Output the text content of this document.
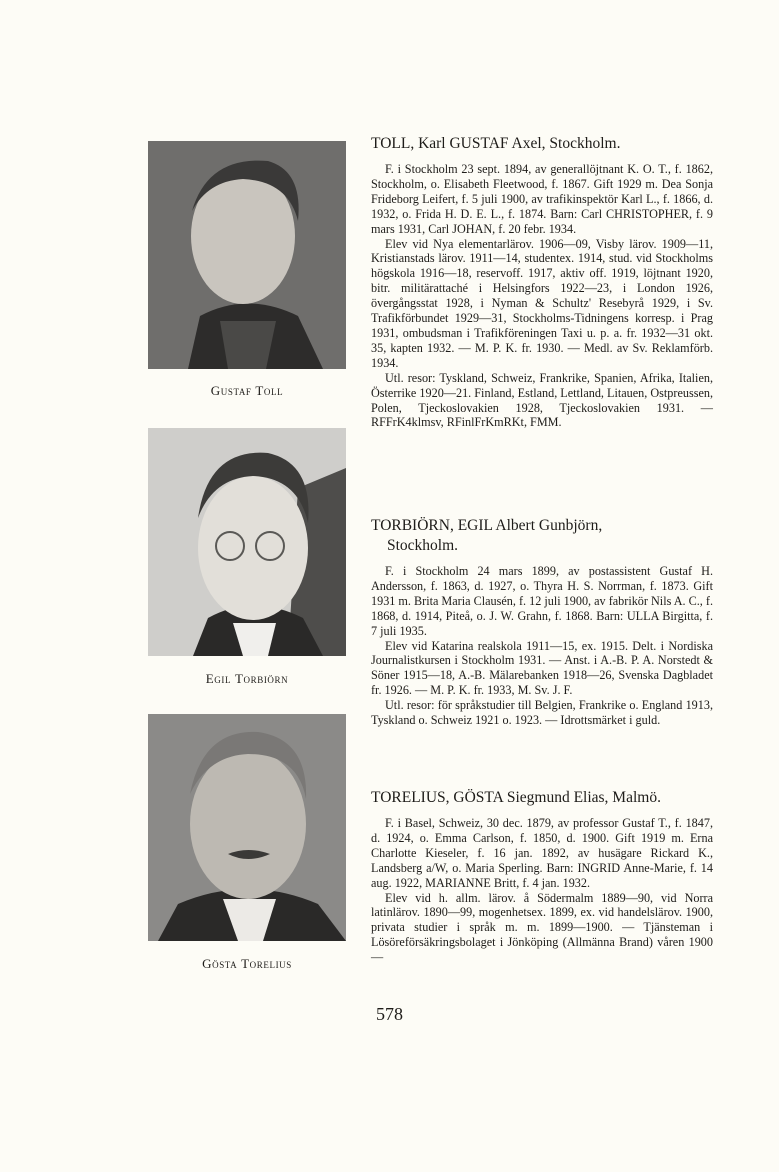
Gustaf Toll
Egil Torbiörn
Gösta Torelius
TOLL, Karl GUSTAF Axel, Stockholm.

F. i Stockholm 23 sept. 1894, av generallöjtnant K. O. T., f. 1862, Stockholm, o. Elisabeth Fleetwood, f. 1867. Gift 1929 m. Dea Sonja Frideborg Leifert, f. 5 juli 1900, av trafikinspektör Karl L., f. 1866, d. 1932, o. Frida H. D. E. L., f. 1874. Barn: Carl CHRISTOPHER, f. 9 mars 1931, Carl JOHAN, f. 20 febr. 1934.

Elev vid Nya elementarlärov. 1906—09, Visby lärov. 1909—11, Kristianstads lärov. 1911—14, studentex. 1914, stud. vid Stockholms högskola 1916—18, reservoff. 1917, aktiv off. 1919, löjtnant 1920, bitr. militärattaché i Helsingfors 1922—23, i London 1926, övergångsstat 1928, i Nyman & Schultz' Resebyrå 1929, i Sv. Trafikförbundet 1929—31, Stockholms-Tidningens korresp. i Prag 1931, ombudsman i Trafikföreningen Taxi u. p. a. fr. 1932—31 okt. 35, kapten 1932. — M. P. K. fr. 1930. — Medl. av Sv. Reklamförb. 1934.

Utl. resor: Tyskland, Schweiz, Frankrike, Spanien, Afrika, Italien, Österrike 1920—21. Finland, Estland, Lettland, Litauen, Ostpreussen, Polen, Tjeckoslovakien 1928, Tjeckoslovakien 1931. — RFFrK4klmsv, RFinlFrKmRKt, FMM.

TORBIÖRN, EGIL Albert Gunbjörn,
Stockholm.

F. i Stockholm 24 mars 1899, av postassistent Gustaf H. Andersson, f. 1863, d. 1927, o. Thyra H. S. Norrman, f. 1873. Gift 1931 m. Brita Maria Clausén, f. 12 juli 1900, av fabrikör Nils A. C., f. 1868, d. 1914, Piteå, o. J. W. Grahn, f. 1868. Barn: ULLA Birgitta, f. 7 juli 1935.

Elev vid Katarina realskola 1911—15, ex. 1915. Delt. i Nordiska Journalistkursen i Stockholm 1931. — Anst. i A.-B. P. A. Norstedt & Söner 1915—18, A.-B. Mälarebanken 1918—26, Svenska Dagbladet fr. 1926. — M. P. K. fr. 1933, M. Sv. J. F.

Utl. resor: för språkstudier till Belgien, Frankrike o. England 1913, Tyskland o. Schweiz 1921 o. 1923. — Idrottsmärket i guld.

TORELIUS, GÖSTA Siegmund Elias, Malmö.

F. i Basel, Schweiz, 30 dec. 1879, av professor Gustaf T., f. 1847, d. 1924, o. Emma Carlson, f. 1850, d. 1900. Gift 1919 m. Erna Charlotte Kieseler, f. 16 jan. 1892, av husägare Rickard K., Landsberg a/W, o. Maria Sperling. Barn: INGRID Anne-Marie, f. 14 aug. 1922, MARIANNE Britt, f. 4 jan. 1932.

Elev vid h. allm. lärov. å Södermalm 1889—90, vid Norra latinlärov. 1890—99, mogenhetsex. 1899, ex. vid handelslärov. 1900, privata studier i språk m. m. 1899—1900. — Tjänsteman i Lösöreförsäkringsbolaget i Jönköping (Allmänna Brand) våren 1900—

578
